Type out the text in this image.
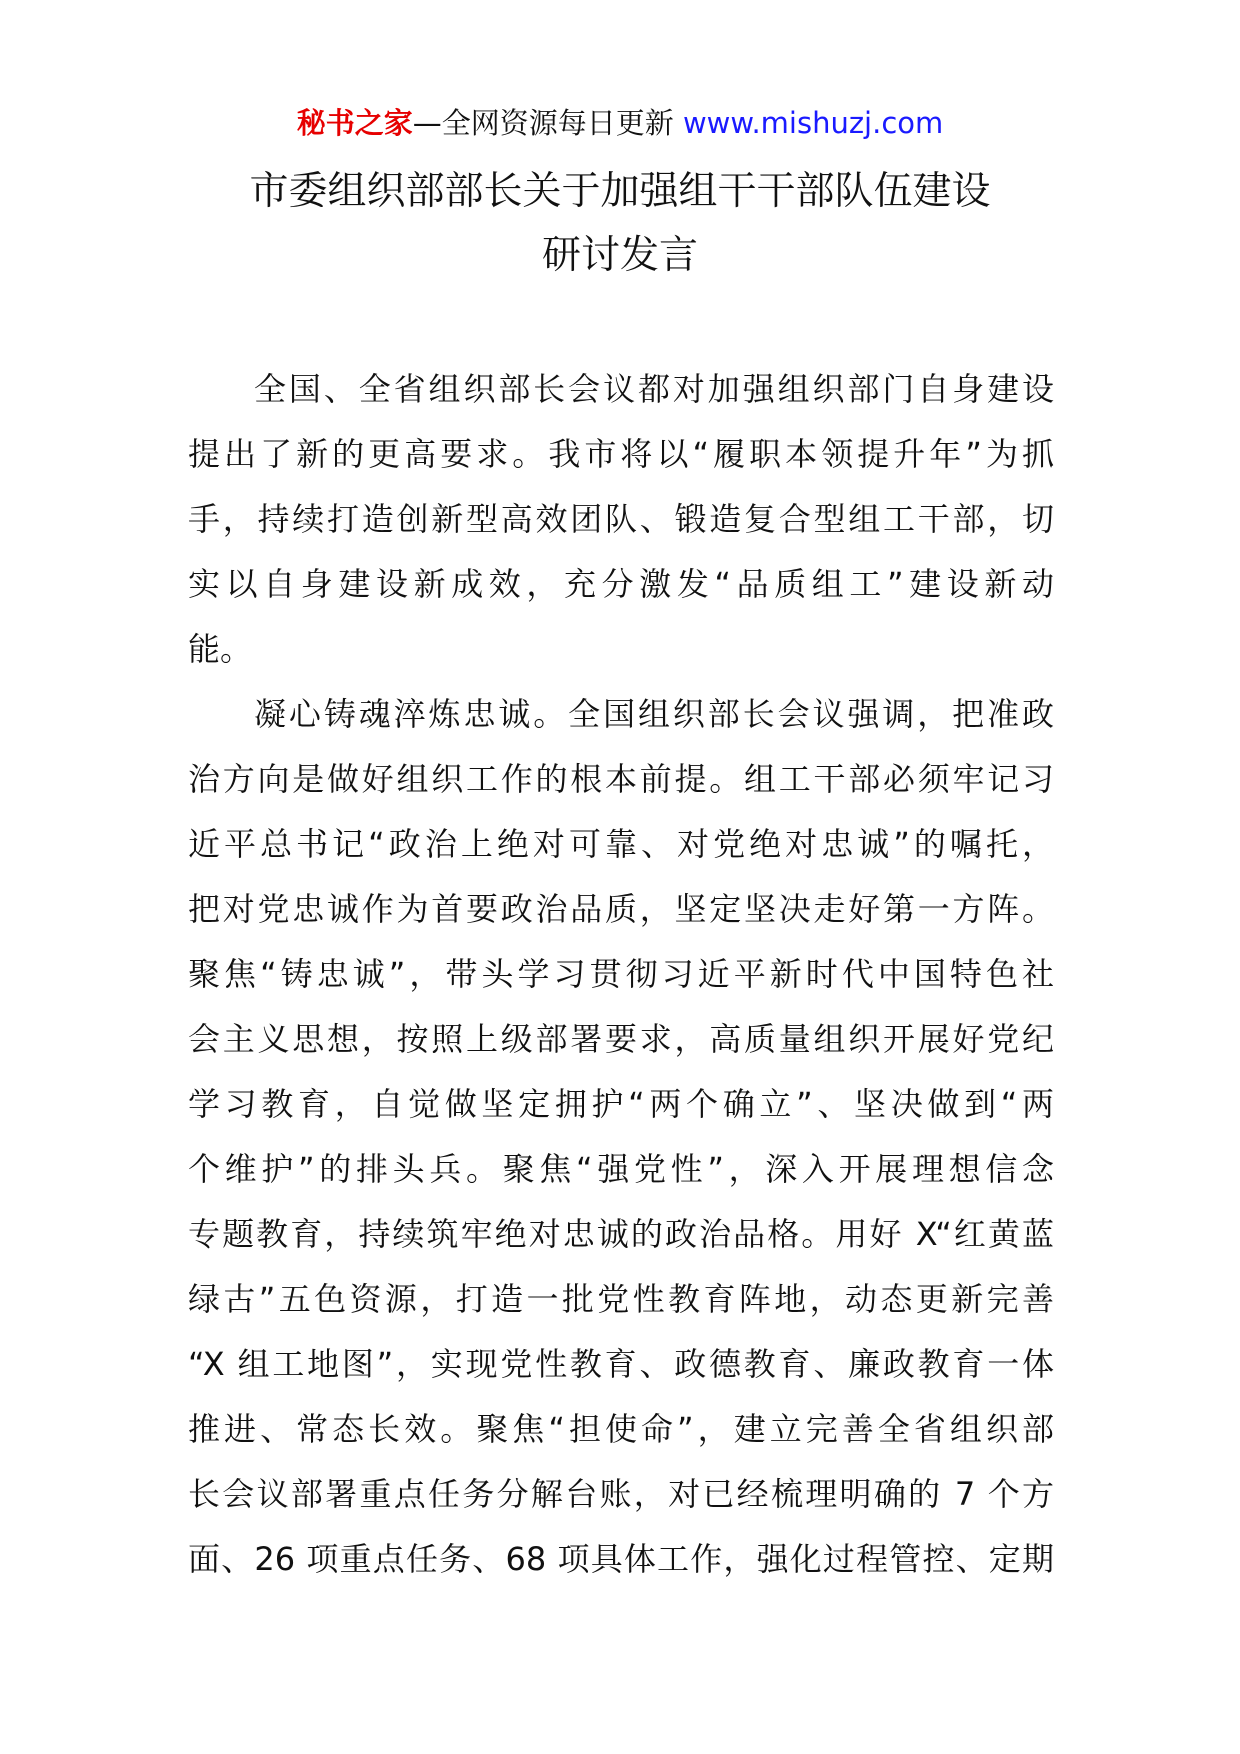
秘书之家—全网资源每日更新 www.mishuzj.com
市委组织部部长关于加强组干干部队伍建设
研讨发言
全国、全省组织部长会议都对加强组织部门自身建设
提出了新的更高要求。我市将以“履职本领提升年”为抓
手，持续打造创新型高效团队、锻造复合型组工干部，切
实以自身建设新成效，充分激发“品质组工”建设新动
能。
凝心铸魂淬炼忠诚。全国组织部长会议强调，把准政
治方向是做好组织工作的根本前提。组工干部必须牢记习
近平总书记“政治上绝对可靠、对党绝对忠诚”的嘱托，
把对党忠诚作为首要政治品质，坚定坚决走好第一方阵。
聚焦“铸忠诚”，带头学习贯彻习近平新时代中国特色社
会主义思想，按照上级部署要求，高质量组织开展好党纪
学习教育，自觉做坚定拥护“两个确立”、坚决做到“两
个维护”的排头兵。聚焦“强党性”，深入开展理想信念
专题教育，持续筑牢绝对忠诚的政治品格。用好 X“红黄蓝
绿古”五色资源，打造一批党性教育阵地，动态更新完善
“X 组工地图”，实现党性教育、政德教育、廉政教育一体
推进、常态长效。聚焦“担使命”，建立完善全省组织部
长会议部署重点任务分解台账，对已经梳理明确的 7 个方
面、26 项重点任务、68 项具体工作，强化过程管控、定期
